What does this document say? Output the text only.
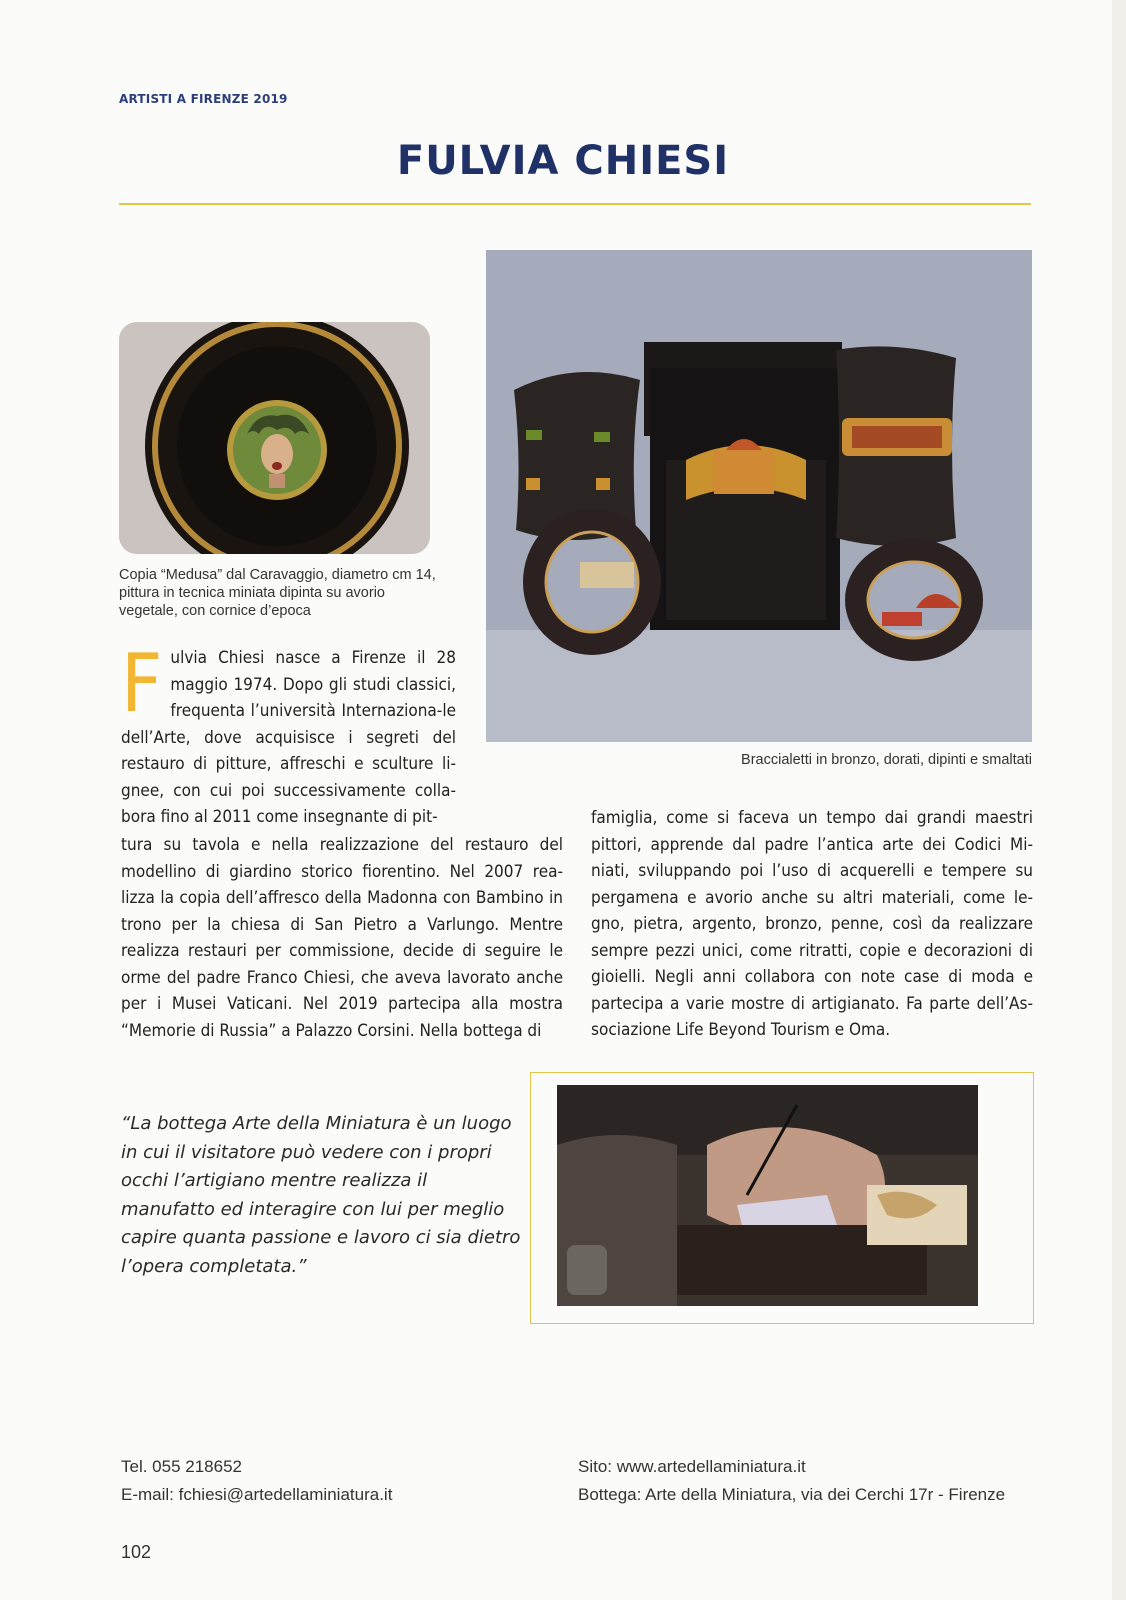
ARTISTI A FIRENZE 2019
FULVIA CHIESI
Copia “Medusa” dal Caravaggio, diametro cm 14, pittura in tecnica miniata dipinta su avorio vegetale, con cornice d’epoca
Braccialetti in bronzo, dorati, dipinti e smaltati
F ulvia Chiesi nasce a Firenze il 28 maggio 1974. Dopo gli studi classici, frequenta l’università Internaziona-le dell’Arte, dove acquisisce i segreti del restauro di pitture, affreschi e sculture li-gnee, con cui poi successivamente colla-bora fino al 2011 come insegnante di pit-
tura su tavola e nella realizzazione del restauro del modellino di giardino storico fiorentino. Nel 2007 rea-lizza la copia dell’affresco della Madonna con Bambino in trono per la chiesa di San Pietro a Varlungo. Mentre realizza restauri per commissione, decide di seguire le orme del padre Franco Chiesi, che aveva lavorato anche per i Musei Vaticani. Nel 2019 partecipa alla mostra “Memorie di Russia” a Palazzo Corsini. Nella bottega di
famiglia, come si faceva un tempo dai grandi maestri pittori, apprende dal padre l’antica arte dei Codici Mi-niati, sviluppando poi l’uso di acquerelli e tempere su pergamena e avorio anche su altri materiali, come le-gno, pietra, argento, bronzo, penne, così da realizzare sempre pezzi unici, come ritratti, copie e decorazioni di gioielli. Negli anni collabora con note case di moda e partecipa a varie mostre di artigianato. Fa parte dell’As-sociazione Life Beyond Tourism e Oma.
“La bottega Arte della Miniatura è un luogo in cui il visitatore può vedere con i propri occhi l’artigiano mentre realizza il manufatto ed interagire con lui per meglio capire quanta passione e lavoro ci sia dietro l’opera completata.”
Tel. 055 218652
E-mail: fchiesi@artedellaminiatura.it
Sito: www.artedellaminiatura.it
Bottega: Arte della Miniatura, via dei Cerchi 17r - Firenze
102
